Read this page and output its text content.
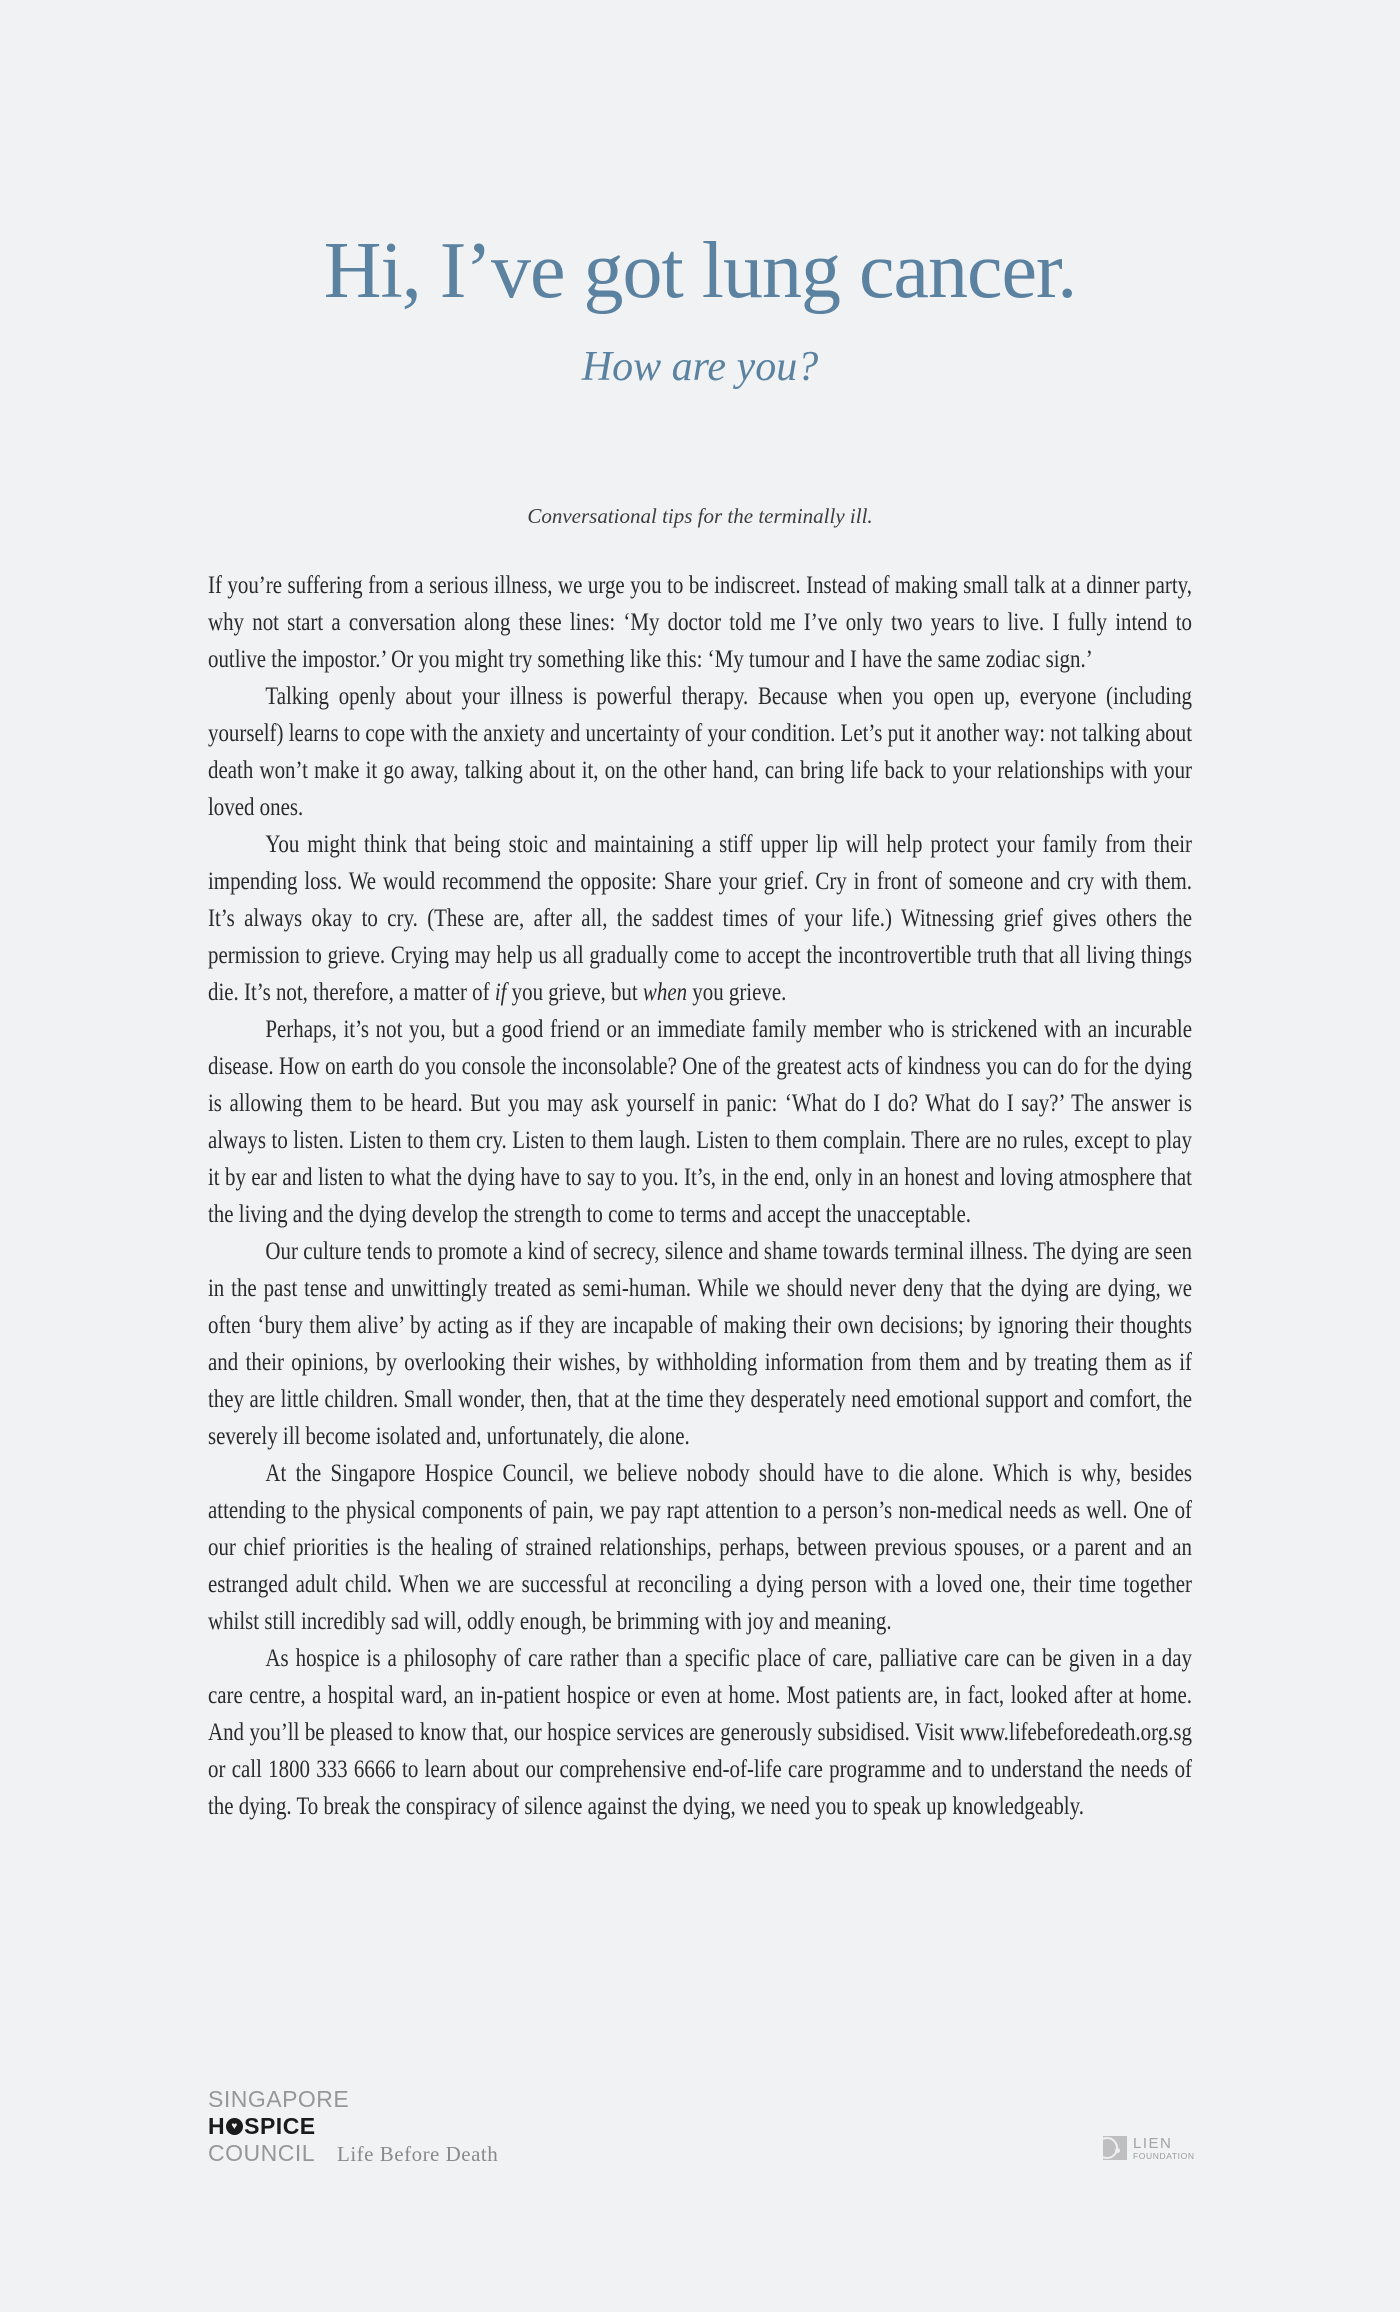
Hi, I’ve got lung cancer.
How are you?

Conversational tips for the terminally ill.

If you’re suffering from a serious illness, we urge you to be indiscreet. Instead of making small talk at a dinner party, why not start a conversation along these lines: ‘My doctor told me I’ve only two years to live. I fully intend to outlive the impostor.’ Or you might try something like this: ‘My tumour and I have the same zodiac sign.’

Talking openly about your illness is powerful therapy. Because when you open up, everyone (including yourself) learns to cope with the anxiety and uncertainty of your condition. Let’s put it another way: not talking about death won’t make it go away, talking about it, on the other hand, can bring life back to your relationships with your loved ones.

You might think that being stoic and maintaining a stiff upper lip will help protect your family from their impending loss. We would recommend the opposite: Share your grief. Cry in front of someone and cry with them. It’s always okay to cry. (These are, after all, the saddest times of your life.) Witnessing grief gives others the permission to grieve. Crying may help us all gradually come to accept the incontrovertible truth that all living things die. It’s not, therefore, a matter of if you grieve, but when you grieve.

Perhaps, it’s not you, but a good friend or an immediate family member who is strickened with an incurable disease. How on earth do you console the inconsolable? One of the greatest acts of kindness you can do for the dying is allowing them to be heard. But you may ask yourself in panic: ‘What do I do? What do I say?’ The answer is always to listen. Listen to them cry. Listen to them laugh. Listen to them complain. There are no rules, except to play it by ear and listen to what the dying have to say to you. It’s, in the end, only in an honest and loving atmosphere that the living and the dying develop the strength to come to terms and accept the unacceptable.

Our culture tends to promote a kind of secrecy, silence and shame towards terminal illness. The dying are seen in the past tense and unwittingly treated as semi-human. While we should never deny that the dying are dying, we often ‘bury them alive’ by acting as if they are incapable of making their own decisions; by ignoring their thoughts and their opinions, by overlooking their wishes, by withholding information from them and by treating them as if they are little children. Small wonder, then, that at the time they desperately need emotional support and comfort, the severely ill become isolated and, unfortunately, die alone.

At the Singapore Hospice Council, we believe nobody should have to die alone. Which is why, besides attending to the physical components of pain, we pay rapt attention to a person’s non-medical needs as well. One of our chief priorities is the healing of strained relationships, perhaps, between previous spouses, or a parent and an estranged adult child. When we are successful at reconciling a dying person with a loved one, their time together whilst still incredibly sad will, oddly enough, be brimming with joy and meaning.

As hospice is a philosophy of care rather than a specific place of care, palliative care can be given in a day care centre, a hospital ward, an in-patient hospice or even at home. Most patients are, in fact, looked after at home. And you’ll be pleased to know that, our hospice services are generously subsidised. Visit www.lifebeforedeath.org.sg or call 1800 333 6666 to learn about our comprehensive end-of-life care programme and to understand the needs of the dying. To break the conspiracy of silence against the dying, we need you to speak up knowledgeably.

SINGAPORE
H ♥ SPICE
COUNCIL Life Before Death	LIEN
FOUNDATION
